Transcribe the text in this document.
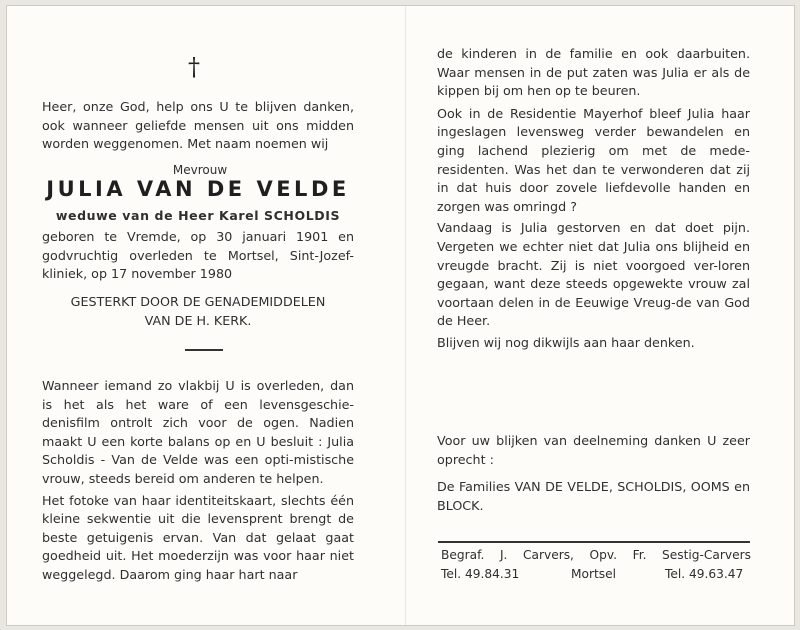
†

Heer, onze God, help ons U te blijven danken, ook wanneer geliefde mensen uit ons midden worden weggenomen. Met naam noemen wij

Mevrouw
JULIA VAN DE VELDE
weduwe van de Heer Karel SCHOLDIS

geboren te Vremde, op 30 januari 1901 en godvruchtig overleden te Mortsel, Sint-Jozef-kliniek, op 17 november 1980

GESTERKT DOOR DE GENADEMIDDELEN

VAN DE H. KERK.

Wanneer iemand zo vlakbij U is overleden, dan is het als het ware of een levensgeschie-denisfilm ontrolt zich voor de ogen. Nadien maakt U een korte balans op en U besluit : Julia Scholdis - Van de Velde was een opti-mistische vrouw, steeds bereid om anderen te helpen.

Het fotoke van haar identiteitskaart, slechts één kleine sekwentie uit die levensprent brengt de beste getuigenis ervan. Van dat gelaat gaat goedheid uit. Het moederzijn was voor haar niet weggelegd. Daarom ging haar hart naar

de kinderen in de familie en ook daarbuiten. Waar mensen in de put zaten was Julia er als de kippen bij om hen op te beuren.

Ook in de Residentie Mayerhof bleef Julia haar ingeslagen levensweg verder bewandelen en ging lachend plezierig om met de mede-residenten. Was het dan te verwonderen dat zij in dat huis door zovele liefdevolle handen en zorgen was omringd ?

Vandaag is Julia gestorven en dat doet pijn. Vergeten we echter niet dat Julia ons blijheid en vreugde bracht. Zij is niet voorgoed ver-loren gegaan, want deze steeds opgewekte vrouw zal voortaan delen in de Eeuwige Vreug-de van God de Heer.

Blijven wij nog dikwijls aan haar denken.

Voor uw blijken van deelneming danken U zeer oprecht :

De Families VAN DE VELDE, SCHOLDIS, OOMS en BLOCK.

Begraf. J. Carvers, Opv. Fr. Sestig-Carvers
Tel. 49.84.31	Mortsel	Tel. 49.63.47
